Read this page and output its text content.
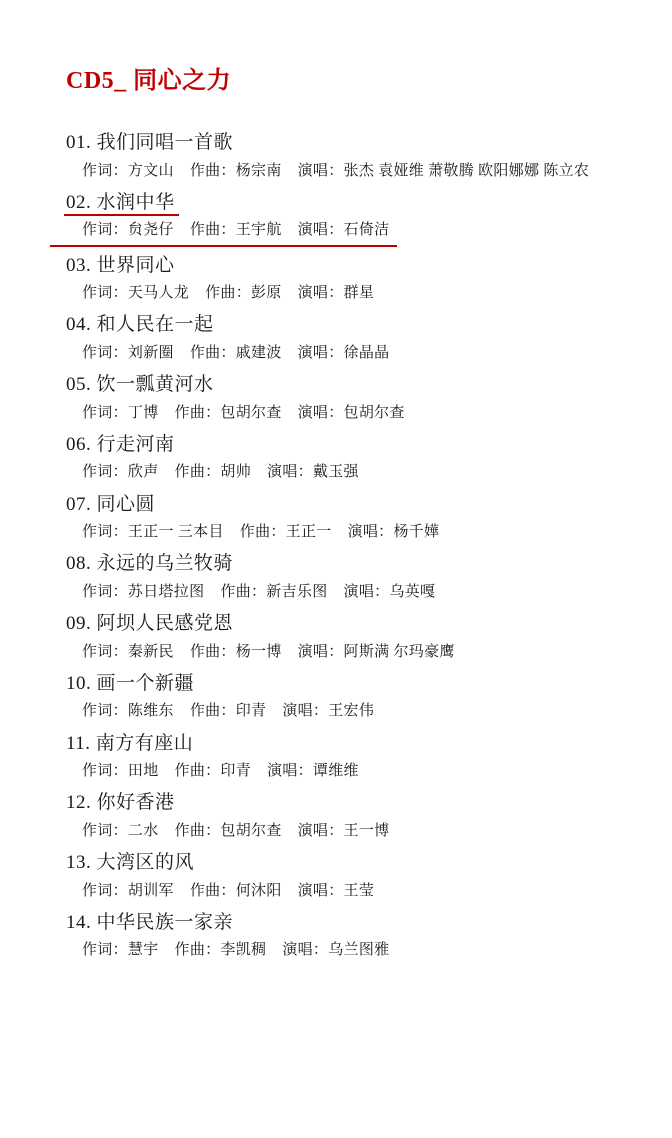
CD5_ 同心之力
01. 我们同唱一首歌
作词：方文山 作曲：杨宗南 演唱：张杰 袁娅维 萧敬腾 欧阳娜娜 陈立农
02. 水润中华
作词：贠尧仔 作曲：王宇航 演唱：石倚洁
03. 世界同心
作词：天马人龙 作曲：彭原 演唱：群星
04. 和人民在一起
作词：刘新圈 作曲：戚建波 演唱：徐晶晶
05. 饮一瓢黄河水
作词：丁博 作曲：包胡尔查 演唱：包胡尔查
06. 行走河南
作词：欣声 作曲：胡帅 演唱：戴玉强
07. 同心圆
作词：王正一 三本目 作曲：王正一 演唱：杨千嬅
08. 永远的乌兰牧骑
作词：苏日塔拉图 作曲：新吉乐图 演唱：乌英嘎
09. 阿坝人民感党恩
作词：秦新民 作曲：杨一博 演唱：阿斯满 尔玛豪鹰
10. 画一个新疆
作词：陈维东 作曲：印青 演唱：王宏伟
11. 南方有座山
作词：田地 作曲：印青 演唱：谭维维
12. 你好香港
作词：二水 作曲：包胡尔查 演唱：王一博
13. 大湾区的风
作词：胡训军 作曲：何沐阳 演唱：王莹
14. 中华民族一家亲
作词：慧宇 作曲：李凯稠 演唱：乌兰图雅
